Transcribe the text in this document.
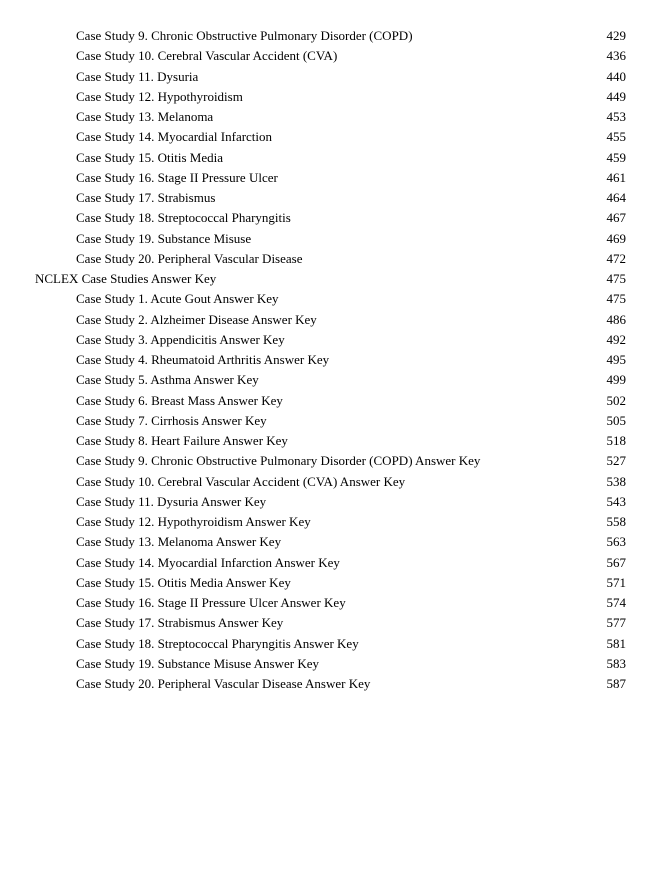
Case Study 9. Chronic Obstructive Pulmonary Disorder (COPD)	429
Case Study 10. Cerebral Vascular Accident (CVA)	436
Case Study 11. Dysuria	440
Case Study 12. Hypothyroidism	449
Case Study 13. Melanoma	453
Case Study 14. Myocardial Infarction	455
Case Study 15. Otitis Media	459
Case Study 16. Stage II Pressure Ulcer	461
Case Study 17. Strabismus	464
Case Study 18. Streptococcal Pharyngitis	467
Case Study 19. Substance Misuse	469
Case Study 20. Peripheral Vascular Disease	472
NCLEX Case Studies Answer Key	475
Case Study 1. Acute Gout Answer Key	475
Case Study 2. Alzheimer Disease Answer Key	486
Case Study 3. Appendicitis Answer Key	492
Case Study 4. Rheumatoid Arthritis Answer Key	495
Case Study 5. Asthma Answer Key	499
Case Study 6. Breast Mass Answer Key	502
Case Study 7. Cirrhosis Answer Key	505
Case Study 8. Heart Failure Answer Key	518
Case Study 9. Chronic Obstructive Pulmonary Disorder (COPD) Answer Key	527
Case Study 10. Cerebral Vascular Accident (CVA) Answer Key	538
Case Study 11. Dysuria Answer Key	543
Case Study 12. Hypothyroidism Answer Key	558
Case Study 13. Melanoma Answer Key	563
Case Study 14. Myocardial Infarction Answer Key	567
Case Study 15. Otitis Media Answer Key	571
Case Study 16. Stage II Pressure Ulcer Answer Key	574
Case Study 17. Strabismus Answer Key	577
Case Study 18. Streptococcal Pharyngitis Answer Key	581
Case Study 19. Substance Misuse Answer Key	583
Case Study 20. Peripheral Vascular Disease Answer Key	587
